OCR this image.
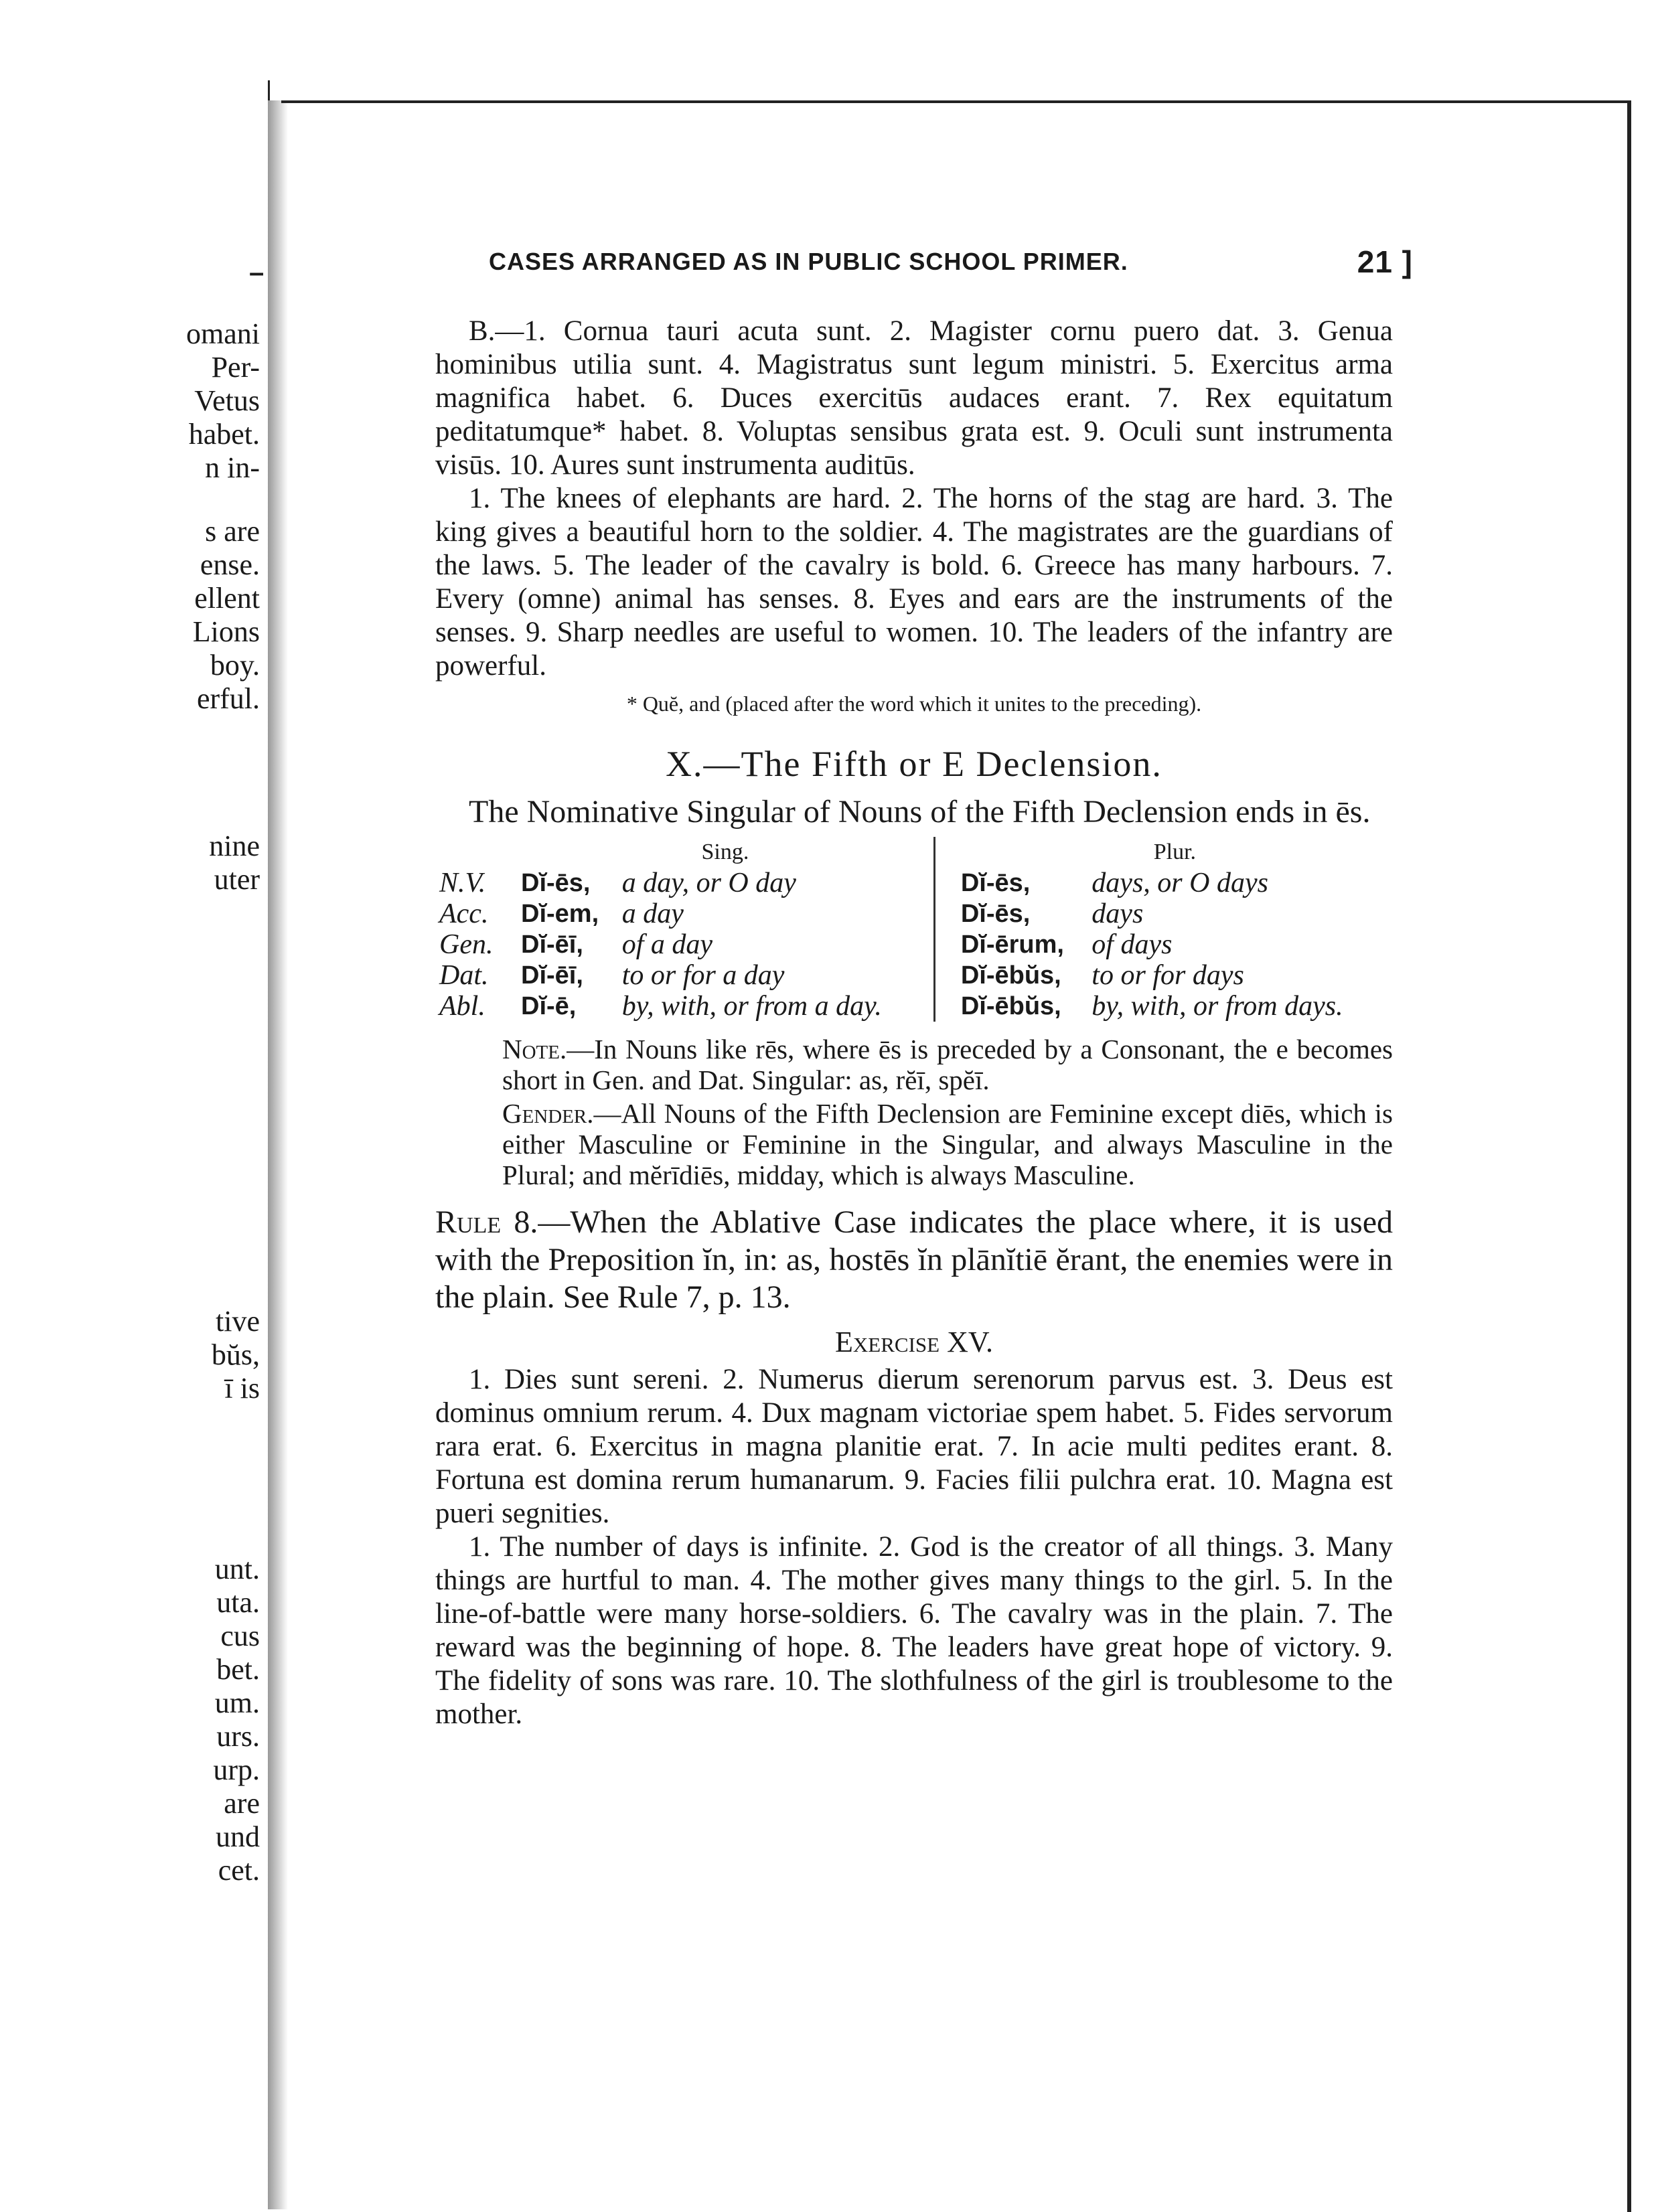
omani
Per-
Vetus
habet.
n in-
s are
ense.
ellent
Lions
boy.
erful.
nine
uter
tive
bŭs,
ī is
unt.
uta.
cus
bet.
um.
urs.
urp.
are
und
cet.
CASES ARRANGED AS IN PUBLIC SCHOOL PRIMER.	21 ]

B.—1. Cornua tauri acuta sunt. 2. Magister cornu puero dat. 3. Genua hominibus utilia sunt. 4. Magistratus sunt legum ministri. 5. Exercitus arma magnifica habet. 6. Duces exercitūs audaces erant. 7. Rex equitatum peditatumque* habet. 8. Voluptas sensibus grata est. 9. Oculi sunt instrumenta visūs. 10. Aures sunt instrumenta auditūs.

1. The knees of elephants are hard. 2. The horns of the stag are hard. 3. The king gives a beautiful horn to the soldier. 4. The magistrates are the guardians of the laws. 5. The leader of the cavalry is bold. 6. Greece has many harbours. 7. Every (omne) animal has senses. 8. Eyes and ears are the instruments of the senses. 9. Sharp needles are useful to women. 10. The leaders of the infantry are powerful.

* Quĕ, and (placed after the word which it unites to the preceding).

X.—The Fifth or E Declension.

The Nominative Singular of Nouns of the Fifth Declension ends in ēs.

	Sing.			Plur.	
N.V.	Dĭ-ēs,	a day, or O day		Dĭ-ēs,	days, or O days
Acc.	Dĭ-em,	a day		Dĭ-ēs,	days
Gen.	Dĭ-ēī,	of a day		Dĭ-ērum,	of days
Dat.	Dĭ-ēī,	to or for a day		Dĭ-ēbŭs,	to or for days
Abl.	Dĭ-ē,	by, with, or from a day.		Dĭ-ēbŭs,	by, with, or from days.

Note.—In Nouns like rēs, where ēs is preceded by a Consonant, the e becomes short in Gen. and Dat. Singular: as, rĕī, spĕī.

Gender.—All Nouns of the Fifth Declension are Feminine except diēs, which is either Masculine or Feminine in the Singular, and always Masculine in the Plural; and mĕrīdiēs, midday, which is always Masculine.

Rule 8.—When the Ablative Case indicates the place where, it is used with the Preposition ĭn, in: as, hostēs ĭn plānĭtiē ĕrant, the enemies were in the plain. See Rule 7, p. 13.

Exercise XV.

1. Dies sunt sereni. 2. Numerus dierum serenorum parvus est. 3. Deus est dominus omnium rerum. 4. Dux magnam victoriae spem habet. 5. Fides servorum rara erat. 6. Exercitus in magna planitie erat. 7. In acie multi pedites erant. 8. Fortuna est domina rerum humanarum. 9. Facies filii pulchra erat. 10. Magna est pueri segnities.

1. The number of days is infinite. 2. God is the creator of all things. 3. Many things are hurtful to man. 4. The mother gives many things to the girl. 5. In the line-of-battle were many horse-soldiers. 6. The cavalry was in the plain. 7. The reward was the beginning of hope. 8. The leaders have great hope of victory. 9. The fidelity of sons was rare. 10. The slothfulness of the girl is troublesome to the mother.

–
